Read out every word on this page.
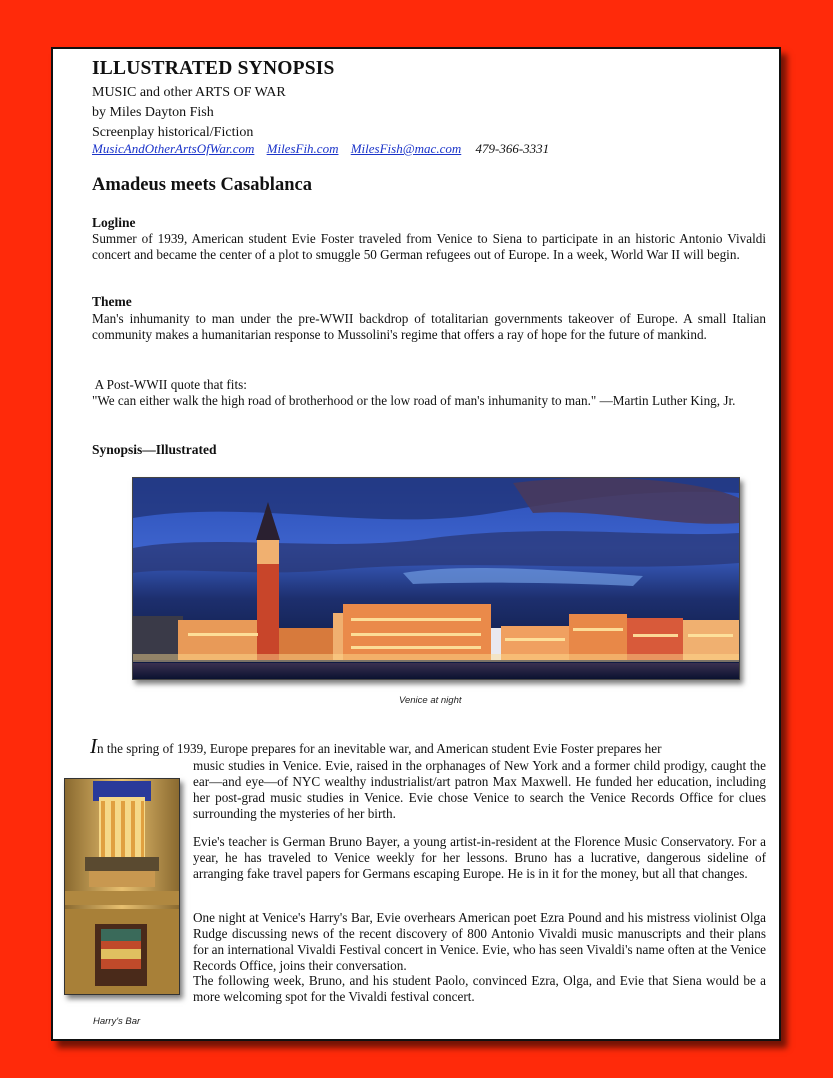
ILLUSTRATED SYNOPSIS
MUSIC and other ARTS OF WAR
by Miles Dayton Fish
Screenplay historical/Fiction
MusicAndOtherArtsOfWar.com MilesFih.com MilesFish@mac.com 479-366-3331
Amadeus meets Casablanca
Logline
Summer of 1939, American student Evie Foster traveled from Venice to Siena to participate in an historic Antonio Vivaldi concert and became the center of a plot to smuggle 50 German refugees out of Europe. In a week, World War II will begin.
Theme
Man's inhumanity to man under the pre-WWII backdrop of totalitarian governments takeover of Europe. A small Italian community makes a humanitarian response to Mussolini's regime that offers a ray of hope for the future of mankind.
A Post-WWII quote that fits:
"We can either walk the high road of brotherhood or the low road of man's inhumanity to man." —Martin Luther King, Jr.
Synopsis—Illustrated
Venice at night
In the spring of 1939, Europe prepares for an inevitable war, and American student Evie Foster prepares her
music studies in Venice. Evie, raised in the orphanages of New York and a former child prodigy, caught the ear—and eye—of NYC wealthy industrialist/art patron Max Maxwell. He funded her education, including her post-grad music studies in Venice. Evie chose Venice to search the Venice Records Office for clues surrounding the mysteries of her birth.
Evie's teacher is German Bruno Bayer, a young artist-in-resident at the Florence Music Conservatory. For a year, he has traveled to Venice weekly for her lessons. Bruno has a lucrative, dangerous sideline of arranging fake travel papers for Germans escaping Europe. He is in it for the money, but all that changes.
One night at Venice's Harry's Bar, Evie overhears American poet Ezra Pound and his mistress violinist Olga Rudge discussing news of the recent discovery of 800 Antonio Vivaldi music manuscripts and their plans for an international Vivaldi Festival concert in Venice. Evie, who has seen Vivaldi's name often at the Venice Records Office, joins their conversation.
The following week, Bruno, and his student Paolo, convinced Ezra, Olga, and Evie that Siena would be a more welcoming spot for the Vivaldi festival concert.
Harry's Bar
